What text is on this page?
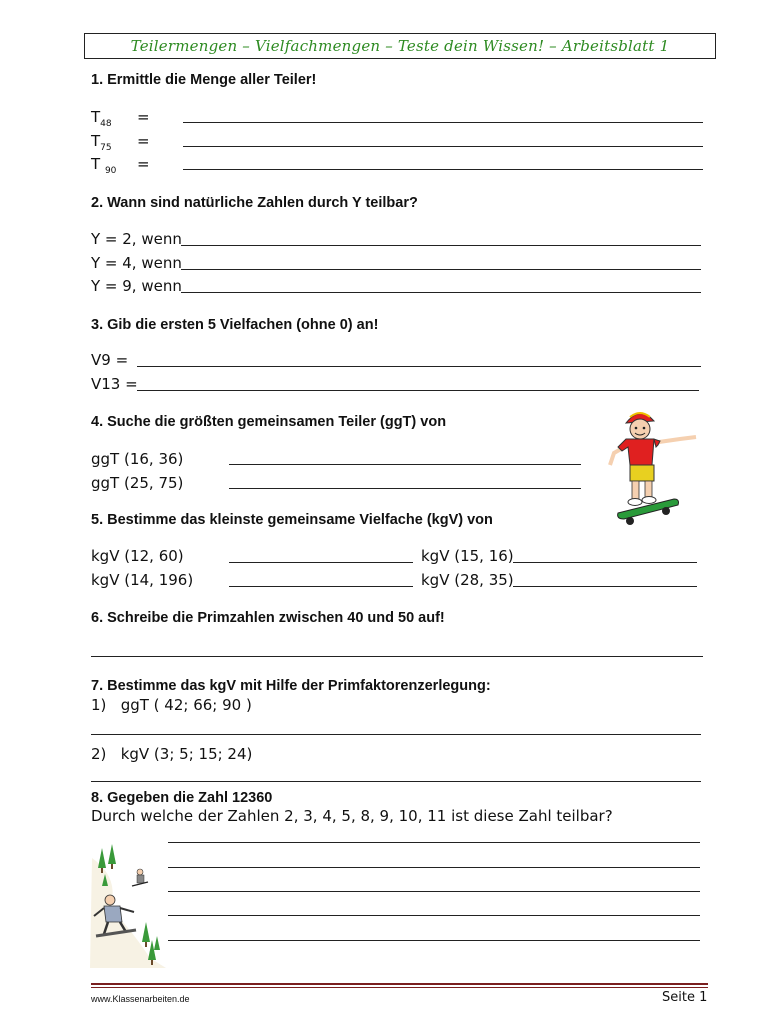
Teilermengen – Vielfachmengen – Teste dein Wissen! – Arbeitsblatt 1
1. Ermittle die Menge aller Teiler!
$T_{48}$ =
$T_{75}$ =
T $_{90}$ =
2. Wann sind natürliche Zahlen durch Y teilbar?
Y = 2, wenn
Y = 4, wenn
Y = 9, wenn
3. Gib die ersten 5 Vielfachen (ohne 0) an!
V9 =
V13 =
4. Suche die größten gemeinsamen Teiler (ggT) von
ggT (16, 36)
ggT (25, 75)
5. Bestimme das kleinste gemeinsame Vielfache (kgV) von
kgV (12, 60)	kgV (15, 16)
kgV (14, 196)	kgV (28, 35)
6. Schreibe die Primzahlen zwischen 40 und 50 auf!
7. Bestimme das kgV mit Hilfe der Primfaktorenzerlegung:
1)   ggT ( 42; 66; 90 )
2)   kgV (3; 5; 15; 24)
8. Gegeben die Zahl 12360
Durch welche der Zahlen 2, 3, 4, 5, 8, 9, 10, 11 ist diese Zahl teilbar?
www.Klassenarbeiten.de	Seite 1
